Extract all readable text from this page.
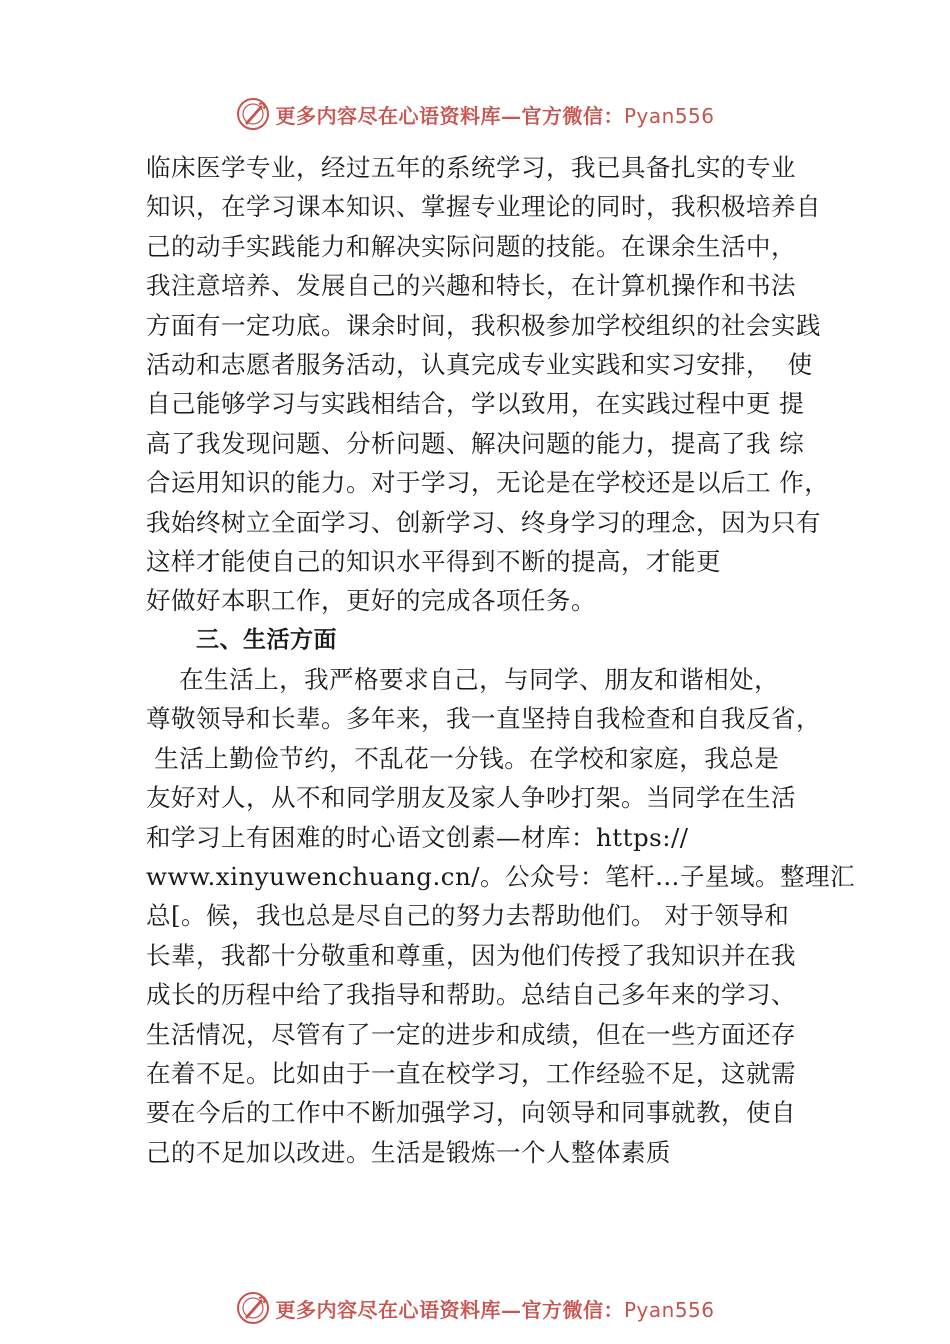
更多内容尽在心语资料库—官方微信：Pyan556
临床医学专业，经过五年的系统学习，我已具备扎实的专业
知识，在学习课本知识、掌握专业理论的同时，我积极培养自
己的动手实践能力和解决实际问题的技能。在课余生活中，
我注意培养、发展自己的兴趣和特长，在计算机操作和书法
方面有一定功底。课余时间，我积极参加学校组织的社会实践
活动和志愿者服务活动，认真完成专业实践和实习安排，  使
自己能够学习与实践相结合，学以致用，在实践过程中更 提
高了我发现问题、分析问题、解决问题的能力，提高了我 综
合运用知识的能力。对于学习，无论是在学校还是以后工 作，
我始终树立全面学习、创新学习、终身学习的理念，因为只有
这样才能使自己的知识水平得到不断的提高，才能更
好做好本职工作，更好的完成各项任务。
三、生活方面
在生活上，我严格要求自己，与同学、朋友和谐相处，
尊敬领导和长辈。多年来，我一直坚持自我检查和自我反省，
生活上勤俭节约，不乱花一分钱。在学校和家庭，我总是
友好对人，从不和同学朋友及家人争吵打架。当同学在生活
和学习上有困难的时心语文创素—材库：https://
www.xinyuwenchuang.cn/。公众号：笔杆…子星域。整理汇
总[。候，我也总是尽自己的努力去帮助他们。 对于领导和
长辈，我都十分敬重和尊重，因为他们传授了我知识并在我
成长的历程中给了我指导和帮助。总结自己多年来的学习、
生活情况，尽管有了一定的进步和成绩，但在一些方面还存
在着不足。比如由于一直在校学习，工作经验不足，这就需
要在今后的工作中不断加强学习，向领导和同事就教，使自
己的不足加以改进。生活是锻炼一个人整体素质
更多内容尽在心语资料库—官方微信：Pyan556
